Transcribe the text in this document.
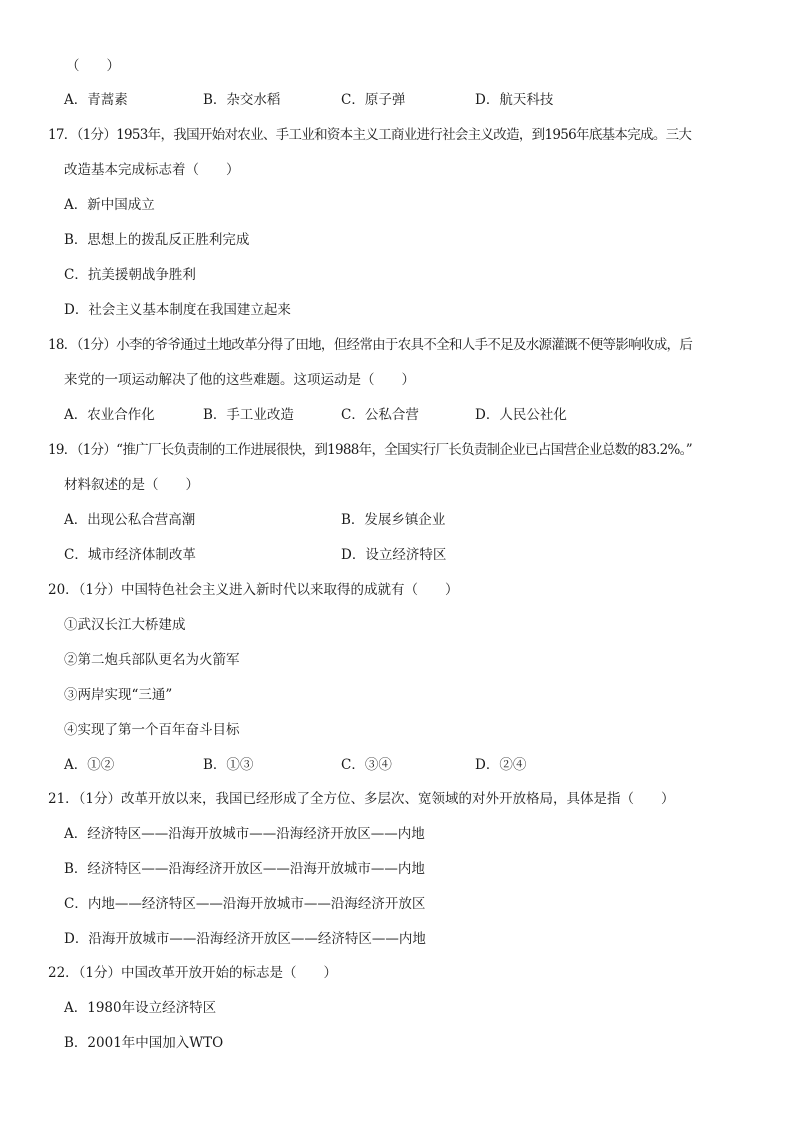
（　　）
A．青蒿素	B．杂交水稻	C．原子弹	D．航天科技
17．（1分）1953年，我国开始对农业、手工业和资本主义工商业进行社会主义改造，到1956年底基本完成。三大
改造基本完成标志着（　　）
A．新中国成立
B．思想上的拨乱反正胜利完成
C．抗美援朝战争胜利
D．社会主义基本制度在我国建立起来
18．（1分）小李的爷爷通过土地改革分得了田地，但经常由于农具不全和人手不足及水源灌溉不便等影响收成，后
来党的一项运动解决了他的这些难题。这项运动是（　　）
A．农业合作化	B．手工业改造	C．公私合营	D．人民公社化
19．（1分）“推广厂长负责制的工作进展很快，到1988年，全国实行厂长负责制企业已占国营企业总数的83.2%。”
材料叙述的是（　　）
A．出现公私合营高潮	B．发展乡镇企业
C．城市经济体制改革	D．设立经济特区
20．（1分）中国特色社会主义进入新时代以来取得的成就有（　　）
①武汉长江大桥建成
②第二炮兵部队更名为火箭军
③两岸实现“三通”
④实现了第一个百年奋斗目标
A．①②	B．①③	C．③④	D．②④
21．（1分）改革开放以来，我国已经形成了全方位、多层次、宽领域的对外开放格局，具体是指（　　）
A．经济特区——沿海开放城市——沿海经济开放区——内地
B．经济特区——沿海经济开放区——沿海开放城市——内地
C．内地——经济特区——沿海开放城市——沿海经济开放区
D．沿海开放城市——沿海经济开放区——经济特区——内地
22．（1分）中国改革开放开始的标志是（　　）
A．1980年设立经济特区
B．2001年中国加入WTO
